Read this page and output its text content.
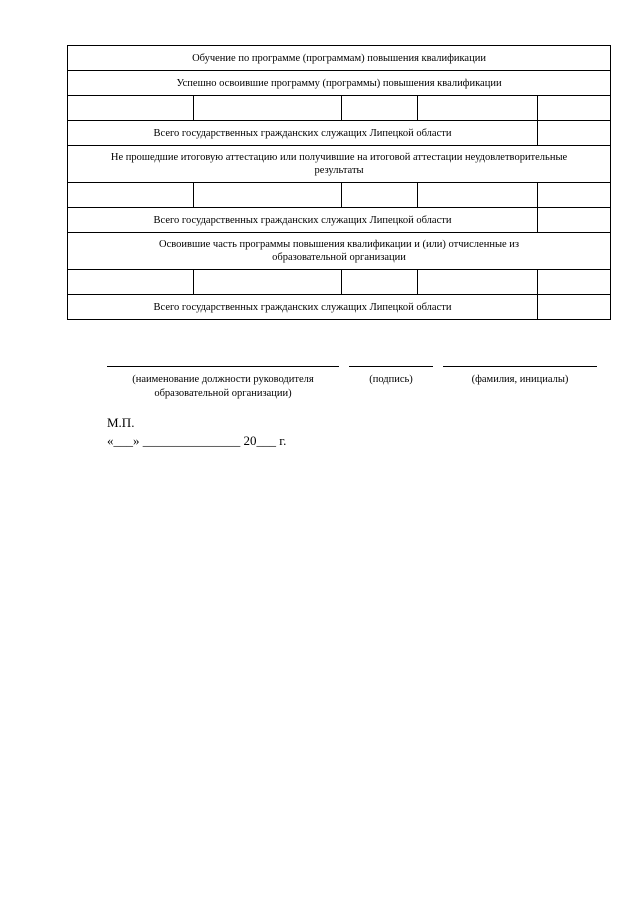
Обучение по программе (программам) повышения квалификации				
Успешно освоившие программу (программы) повышения квалификации				

Всего государственных гражданских служащих Липецкой области				
Не прошедшие итоговую аттестацию или получившие на итоговой аттестации неудовлетворительные результаты				

Всего государственных гражданских служащих Липецкой области				
Освоившие часть программы повышения квалификации и (или) отчисленные из образовательной организации				

Всего государственных гражданских служащих Липецкой области				
(наименование должности руководителя образовательной организации)
(подпись)	(фамилия, инициалы)
М.П.
«___» _______________ 20___ г.
